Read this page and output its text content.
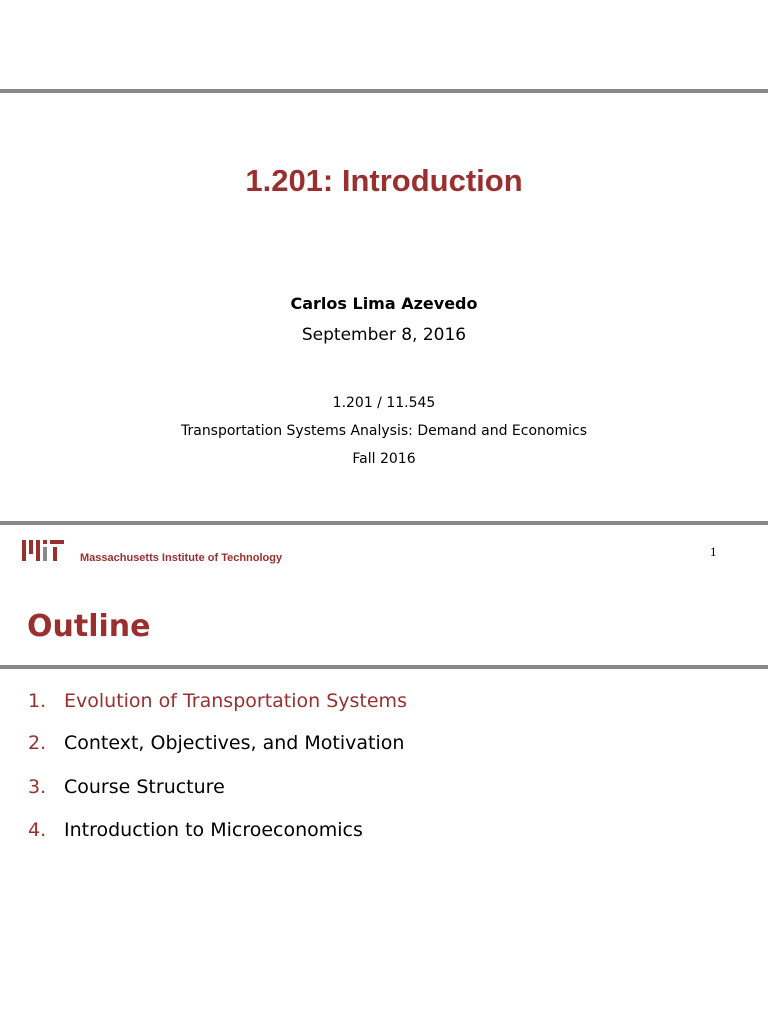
1.201: Introduction
Carlos Lima Azevedo
September 8, 2016
1.201 / 11.545
Transportation Systems Analysis: Demand and Economics
Fall 2016
Massachusetts Institute of Technology	1
Outline
1. Evolution of Transportation Systems
2. Context, Objectives, and Motivation
3. Course Structure
4. Introduction to Microeconomics
